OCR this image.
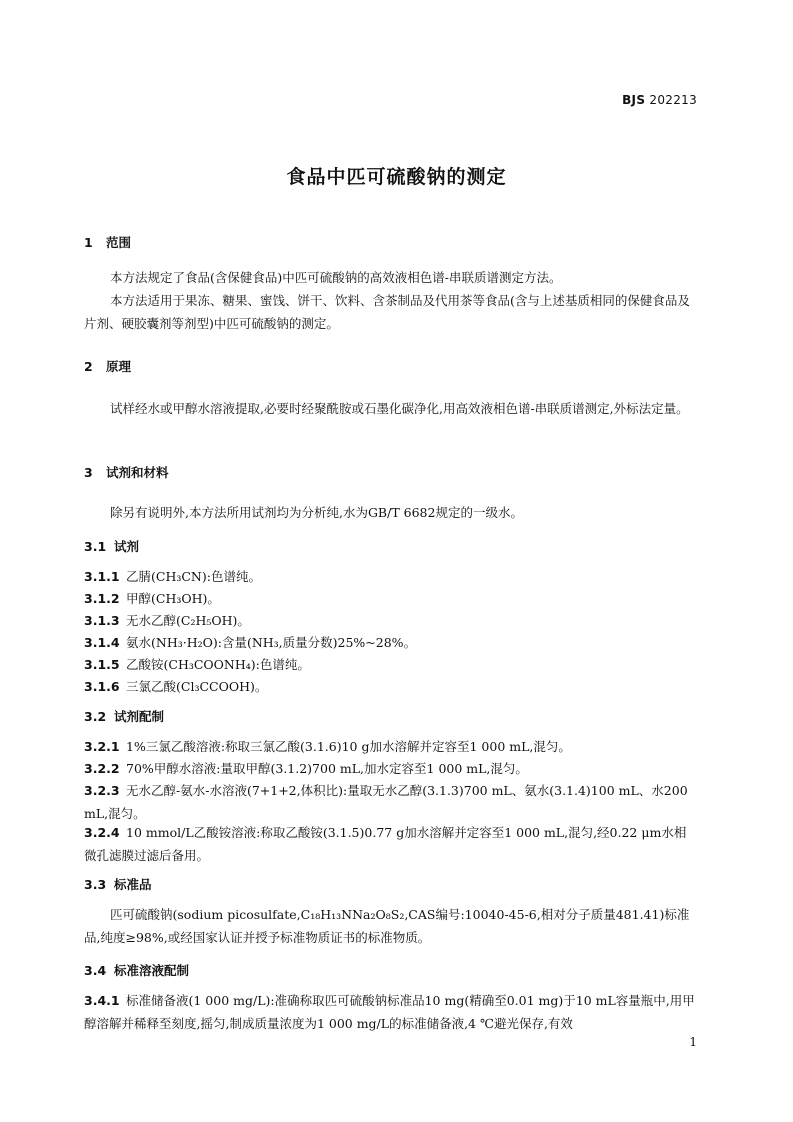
BJS 202213
食品中匹可硫酸钠的测定
1 范围
本方法规定了食品(含保健食品)中匹可硫酸钠的高效液相色谱-串联质谱测定方法。
本方法适用于果冻、糖果、蜜饯、饼干、饮料、含茶制品及代用茶等食品(含与上述基质相同的保健食品及片剂、硬胶囊剂等剂型)中匹可硫酸钠的测定。
2 原理
试样经水或甲醇水溶液提取,必要时经聚酰胺或石墨化碳净化,用高效液相色谱-串联质谱测定,外标法定量。
3 试剂和材料
除另有说明外,本方法所用试剂均为分析纯,水为GB/T 6682规定的一级水。
3.1 试剂
3.1.1 乙腈(CH₃CN):色谱纯。
3.1.2 甲醇(CH₃OH)。
3.1.3 无水乙醇(C₂H₅OH)。
3.1.4 氨水(NH₃·H₂O):含量(NH₃,质量分数)25%~28%。
3.1.5 乙酸铵(CH₃COONH₄):色谱纯。
3.1.6 三氯乙酸(Cl₃CCOOH)。
3.2 试剂配制
3.2.1 1%三氯乙酸溶液:称取三氯乙酸(3.1.6)10 g加水溶解并定容至1 000 mL,混匀。
3.2.2 70%甲醇水溶液:量取甲醇(3.1.2)700 mL,加水定容至1 000 mL,混匀。
3.2.3 无水乙醇-氨水-水溶液(7+1+2,体积比):量取无水乙醇(3.1.3)700 mL、氨水(3.1.4)100 mL、水200 mL,混匀。
3.2.4 10 mmol/L乙酸铵溶液:称取乙酸铵(3.1.5)0.77 g加水溶解并定容至1 000 mL,混匀,经0.22 μm水相微孔滤膜过滤后备用。
3.3 标准品
匹可硫酸钠(sodium picosulfate,C₁₈H₁₃NNa₂O₈S₂,CAS编号:10040-45-6,相对分子质量481.41)标准品,纯度≥98%,或经国家认证并授予标准物质证书的标准物质。
3.4 标准溶液配制
3.4.1 标准储备液(1 000 mg/L):准确称取匹可硫酸钠标准品10 mg(精确至0.01 mg)于10 mL容量瓶中,用甲醇溶解并稀释至刻度,摇匀,制成质量浓度为1 000 mg/L的标准储备液,4 ℃避光保存,有效
1
